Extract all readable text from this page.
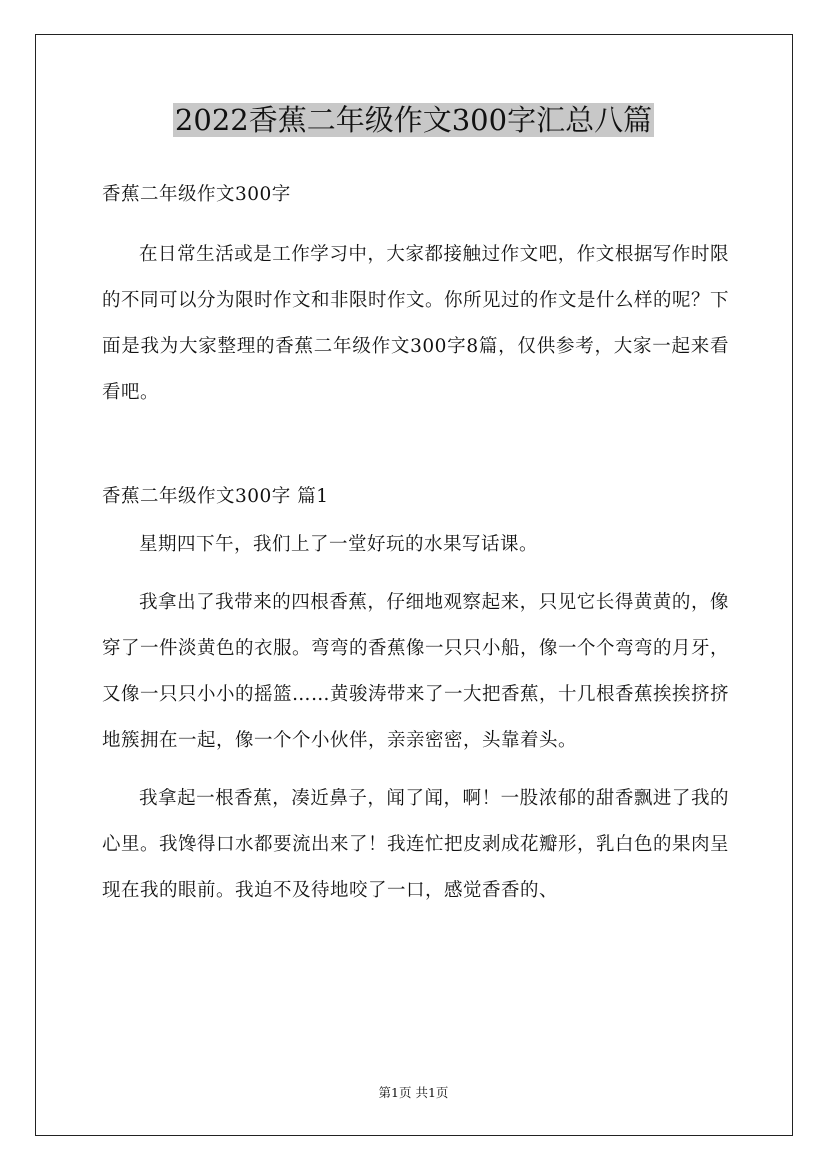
2022香蕉二年级作文300字汇总八篇

香蕉二年级作文300字

在日常生活或是工作学习中，大家都接触过作文吧，作文根据写作时限的不同可以分为限时作文和非限时作文。你所见过的作文是什么样的呢？下面是我为大家整理的香蕉二年级作文300字8篇，仅供参考，大家一起来看看吧。

香蕉二年级作文300字 篇1

星期四下午，我们上了一堂好玩的水果写话课。

我拿出了我带来的四根香蕉，仔细地观察起来，只见它长得黄黄的，像穿了一件淡黄色的衣服。弯弯的香蕉像一只只小船，像一个个弯弯的月牙，又像一只只小小的摇篮……黄骏涛带来了一大把香蕉，十几根香蕉挨挨挤挤地簇拥在一起，像一个个小伙伴，亲亲密密，头靠着头。

我拿起一根香蕉，凑近鼻子，闻了闻，啊！一股浓郁的甜香飘进了我的心里。我馋得口水都要流出来了！我连忙把皮剥成花瓣形，乳白色的果肉呈现在我的眼前。我迫不及待地咬了一口，感觉香香的、

第1页 共1页
